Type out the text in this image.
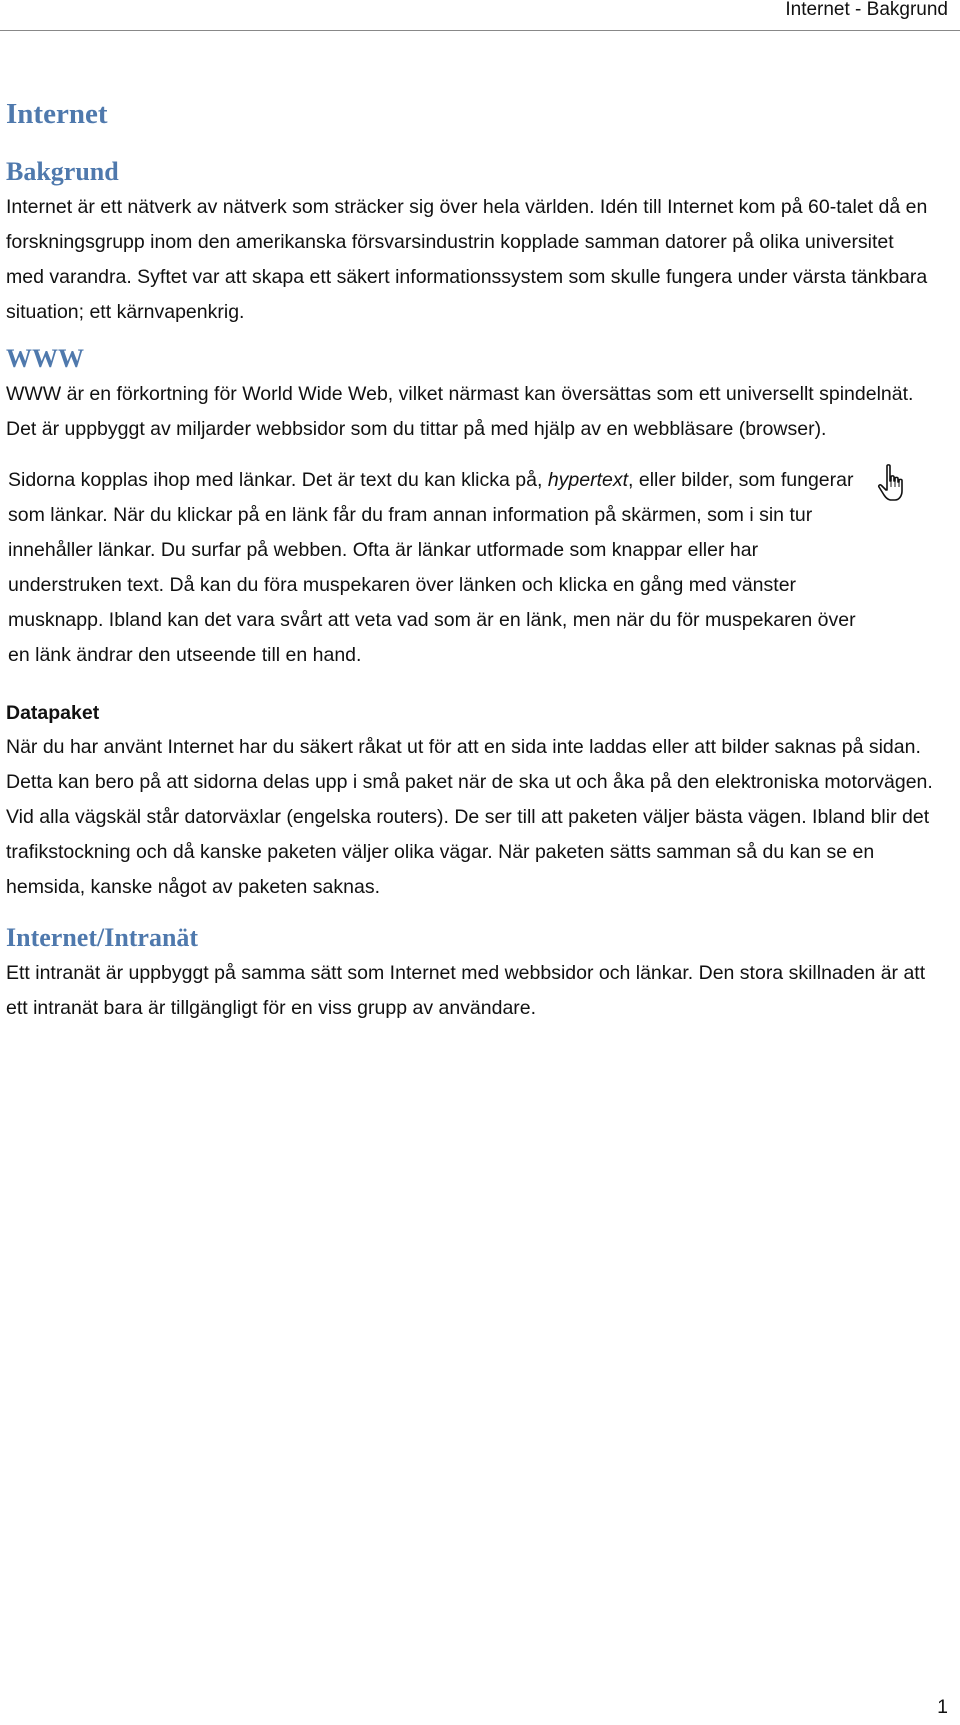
Internet - Bakgrund
Internet
Bakgrund

Internet är ett nätverk av nätverk som sträcker sig över hela världen. Idén till Internet kom på 60-talet då en forskningsgrupp inom den amerikanska försvarsindustrin kopplade samman datorer på olika universitet med varandra. Syftet var att skapa ett säkert informationssystem som skulle fungera under värsta tänkbara situation; ett kärnvapenkrig.

WWW

WWW är en förkortning för World Wide Web, vilket närmast kan översättas som ett universellt spindelnät. Det är uppbyggt av miljarder webbsidor som du tittar på med hjälp av en webbläsare (browser).

Sidorna kopplas ihop med länkar. Det är text du kan klicka på, hypertext, eller bilder, som fungerar som länkar. När du klickar på en länk får du fram annan information på skärmen, som i sin tur innehåller länkar. Du surfar på webben. Ofta är länkar utformade som knappar eller har understruken text. Då kan du föra muspekaren över länken och klicka en gång med vänster musknapp. Ibland kan det vara svårt att veta vad som är en länk, men när du för muspekaren över en länk ändrar den utseende till en hand.

Datapaket

När du har använt Internet har du säkert råkat ut för att en sida inte laddas eller att bilder saknas på sidan. Detta kan bero på att sidorna delas upp i små paket när de ska ut och åka på den elektroniska motorvägen. Vid alla vägskäl står datorväxlar (engelska routers). De ser till att paketen väljer bästa vägen. Ibland blir det trafikstockning och då kanske paketen väljer olika vägar. När paketen sätts samman så du kan se en hemsida, kanske något av paketen saknas.

Internet/Intranät

Ett intranät är uppbyggt på samma sätt som Internet med webbsidor och länkar. Den stora skillnaden är att ett intranät bara är tillgängligt för en viss grupp av användare.

1
